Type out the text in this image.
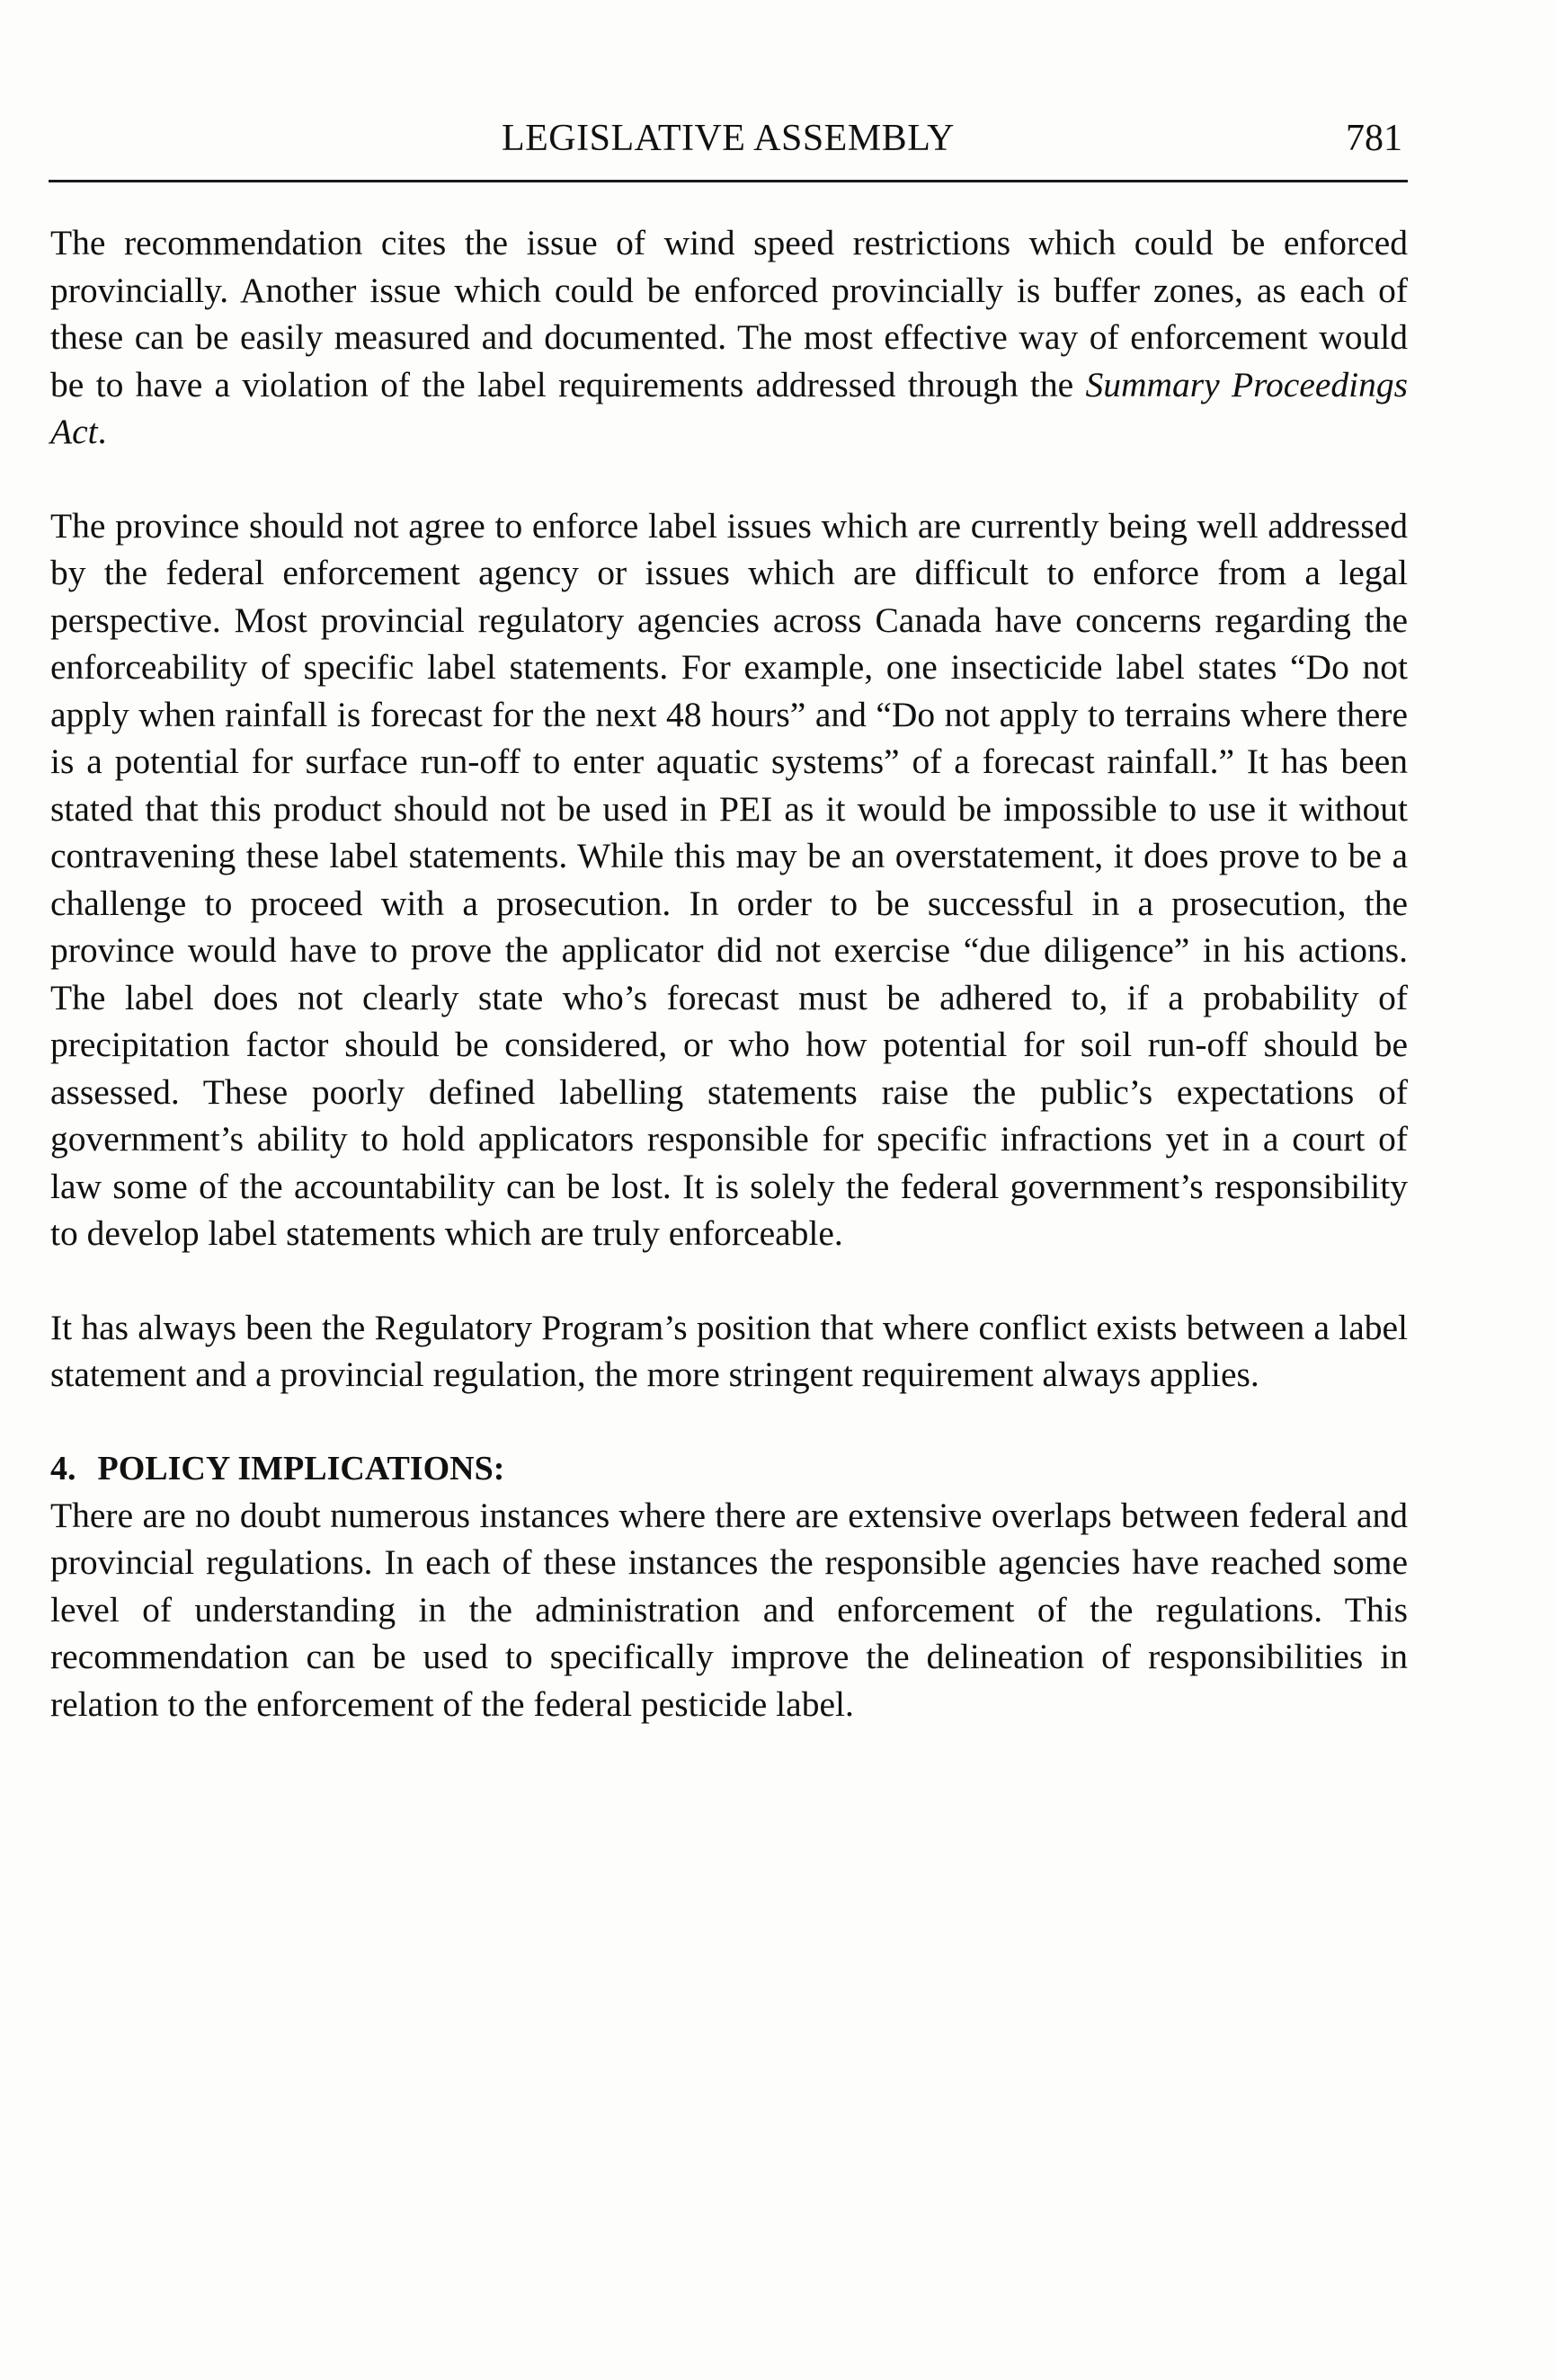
LEGISLATIVE ASSEMBLY	781

The recommendation cites the issue of wind speed restrictions which could be enforced provincially. Another issue which could be enforced provincially is buffer zones, as each of these can be easily measured and documented. The most effective way of enforcement would be to have a violation of the label requirements addressed through the Summary Proceedings Act.

The province should not agree to enforce label issues which are currently being well addressed by the federal enforcement agency or issues which are difficult to enforce from a legal perspective. Most provincial regulatory agencies across Canada have concerns regarding the enforceability of specific label statements. For example, one insecticide label states “Do not apply when rainfall is forecast for the next 48 hours” and “Do not apply to terrains where there is a potential for surface run-off to enter aquatic systems” of a forecast rainfall.” It has been stated that this product should not be used in PEI as it would be impossible to use it without contravening these label statements. While this may be an overstatement, it does prove to be a challenge to proceed with a prosecution. In order to be successful in a prosecution, the province would have to prove the applicator did not exercise “due diligence” in his actions. The label does not clearly state who’s forecast must be adhered to, if a probability of precipitation factor should be considered, or who how potential for soil run-off should be assessed. These poorly defined labelling statements raise the public’s expectations of government’s ability to hold applicators responsible for specific infractions yet in a court of law some of the accountability can be lost. It is solely the federal government’s responsibility to develop label statements which are truly enforceable.

It has always been the Regulatory Program’s position that where conflict exists between a label statement and a provincial regulation, the more stringent requirement always applies.

4. POLICY IMPLICATIONS:

There are no doubt numerous instances where there are extensive overlaps between federal and provincial regulations. In each of these instances the responsible agencies have reached some level of understanding in the administration and enforcement of the regulations. This recommendation can be used to specifically improve the delineation of responsibilities in relation to the enforcement of the federal pesticide label.
